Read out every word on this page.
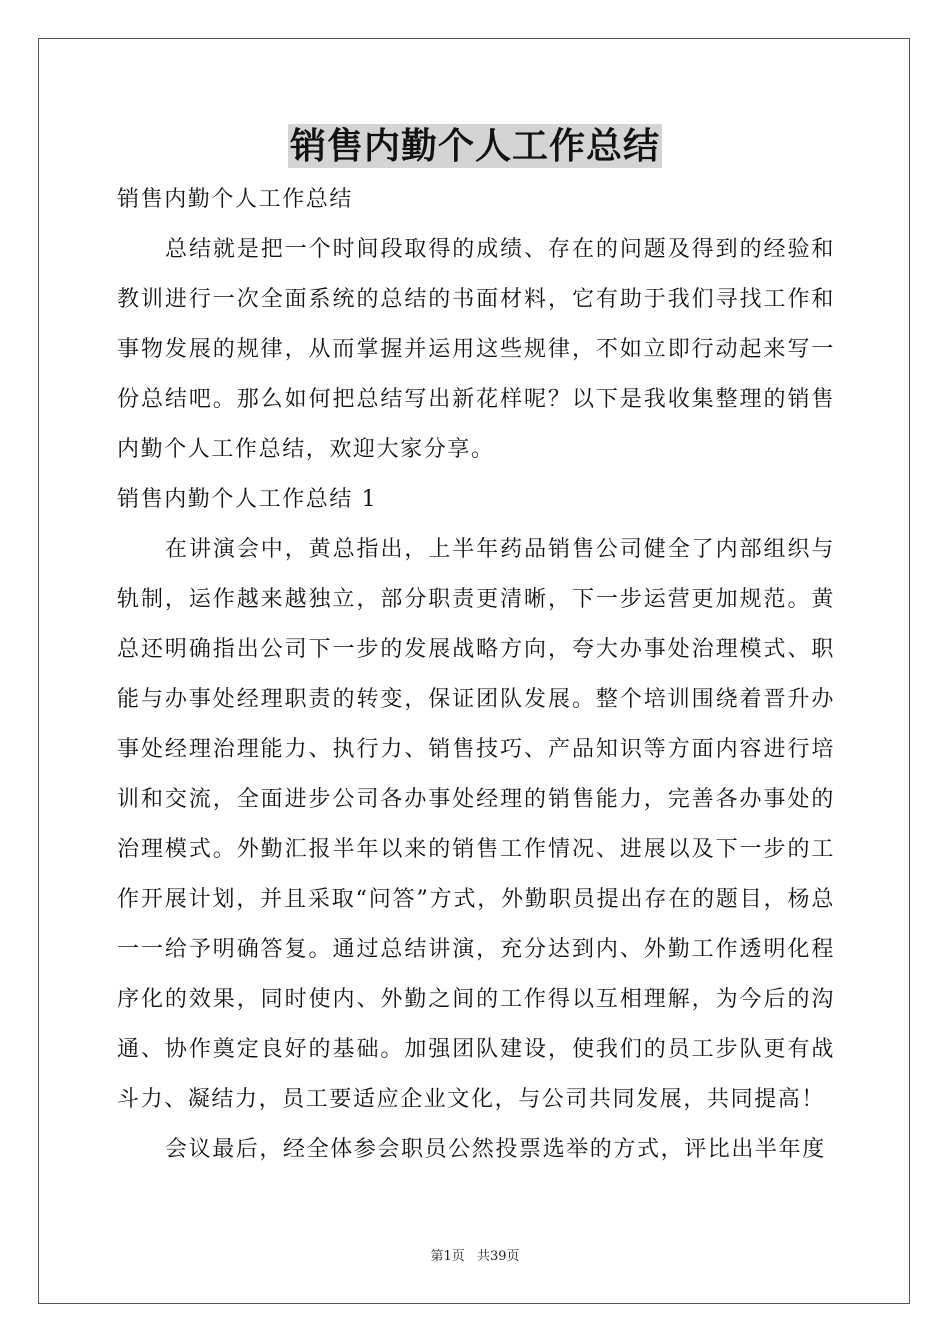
销售内勤个人工作总结

销售内勤个人工作总结

总结就是把一个时间段取得的成绩、存在的问题及得到的经验和教训进行一次全面系统的总结的书面材料，它有助于我们寻找工作和事物发展的规律，从而掌握并运用这些规律，不如立即行动起来写一份总结吧。那么如何把总结写出新花样呢？以下是我收集整理的销售内勤个人工作总结，欢迎大家分享。

销售内勤个人工作总结 1

在讲演会中，黄总指出，上半年药品销售公司健全了内部组织与轨制，运作越来越独立，部分职责更清晰，下一步运营更加规范。黄总还明确指出公司下一步的发展战略方向，夸大办事处治理模式、职能与办事处经理职责的转变，保证团队发展。整个培训围绕着晋升办事处经理治理能力、执行力、销售技巧、产品知识等方面内容进行培训和交流，全面进步公司各办事处经理的销售能力，完善各办事处的治理模式。外勤汇报半年以来的销售工作情况、进展以及下一步的工作开展计划，并且采取“问答”方式，外勤职员提出存在的题目，杨总一一给予明确答复。通过总结讲演，充分达到内、外勤工作透明化程序化的效果，同时使内、外勤之间的工作得以互相理解，为今后的沟通、协作奠定良好的基础。加强团队建设，使我们的员工步队更有战斗力、凝结力，员工要适应企业文化，与公司共同发展，共同提高！

会议最后，经全体参会职员公然投票选举的方式，评比出半年度

第1页 共39页
